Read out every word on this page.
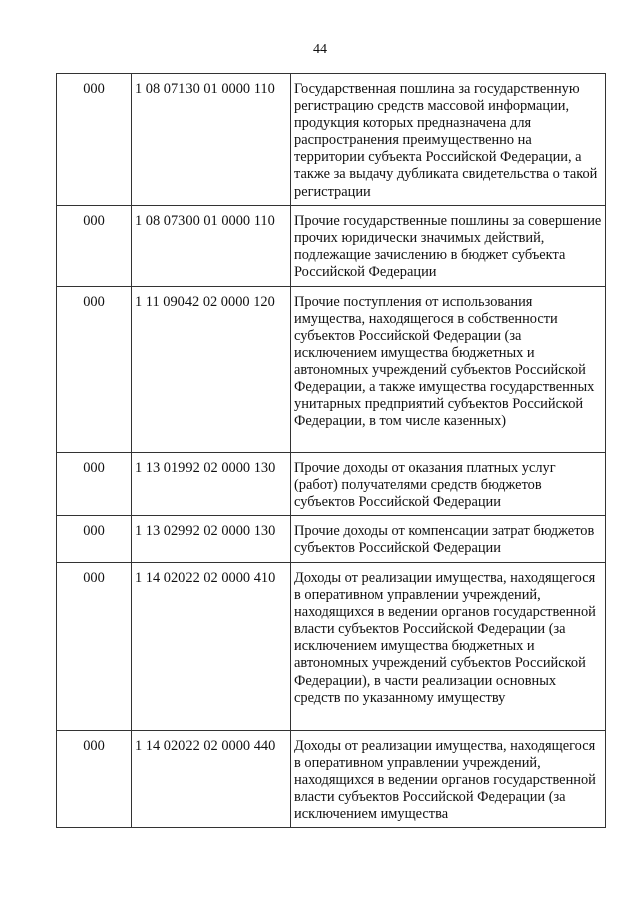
44
000	1 08 07130 01 0000 110	Государственная пошлина за государственную регистрацию средств массовой информации, продукция которых предназначена для распространения преимущественно на территории субъекта Российской Федерации, а также за выдачу дубликата свидетельства о такой регистрации
000	1 08 07300 01 0000 110	Прочие государственные пошлины за совершение прочих юридически значимых действий, подлежащие зачислению в бюджет субъекта Российской Федерации
000	1 11 09042 02 0000 120	Прочие поступления от использования имущества, находящегося в собственности субъектов Российской Федерации (за исключением имущества бюджетных и автономных учреждений субъектов Российской Федерации, а также имущества государственных унитарных предприятий субъектов Российской Федерации, в том числе казенных)
000	1 13 01992 02 0000 130	Прочие доходы от оказания платных услуг (работ) получателями средств бюджетов субъектов Российской Федерации
000	1 13 02992 02 0000 130	Прочие доходы от компенсации затрат бюджетов субъектов Российской Федерации
000	1 14 02022 02 0000 410	Доходы от реализации имущества, находящегося в оперативном управлении учреждений, находящихся в ведении органов государственной власти субъектов Российской Федерации (за исключением имущества бюджетных и автономных учреждений субъектов Российской Федерации), в части реализации основных средств по указанному имуществу
000	1 14 02022 02 0000 440	Доходы от реализации имущества, находящегося в оперативном управлении учреждений, находящихся в ведении органов государственной власти субъектов Российской Федерации (за исключением имущества
